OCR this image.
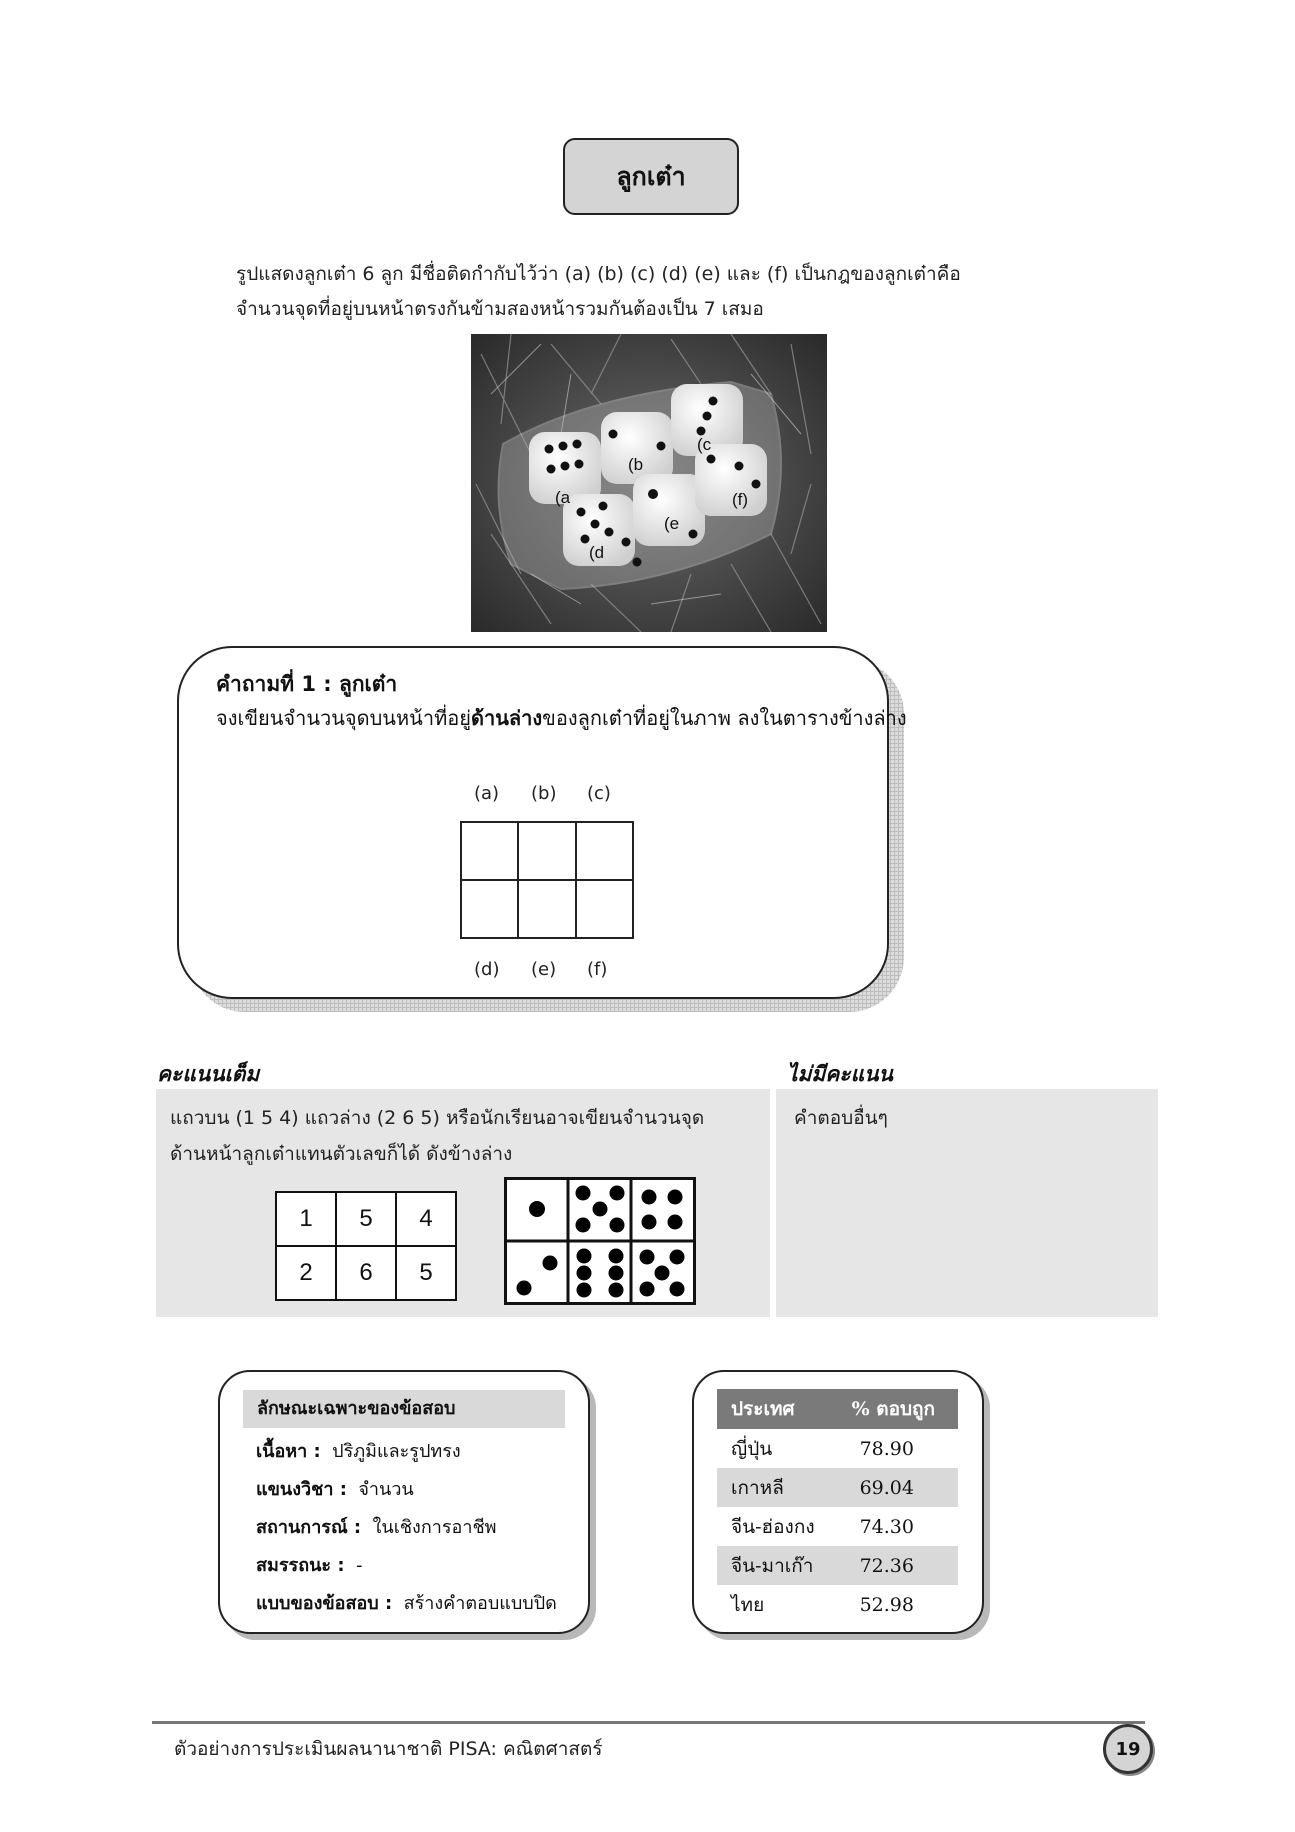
ลูกเต๋า
รูปแสดงลูกเต๋า 6 ลูก มีชื่อติดกำกับไว้ว่า (a) (b) (c) (d) (e) และ (f) เป็นกฎของลูกเต๋าคือ
จำนวนจุดที่อยู่บนหน้าตรงกันข้ามสองหน้ารวมกันต้องเป็น 7 เสมอ
(a
(b
(c
(d
(e
(f)
คำถามที่ 1 : ลูกเต๋า
จงเขียนจำนวนจุดบนหน้าที่อยู่ด้านล่างของลูกเต๋าที่อยู่ในภาพ ลงในตารางข้างล่าง
(a) (b) (c)

(d) (e) (f)
คะแนนเต็ม	ไม่มีคะแนน
แถวบน (1 5 4) แถวล่าง (2 6 5) หรือนักเรียนอาจเขียนจำนวนจุด
ด้านหน้าลูกเต๋าแทนตัวเลขก็ได้ ดังข้างล่าง
คำตอบอื่นๆ
1	5	4
2	6	5
ลักษณะเฉพาะของข้อสอบ
เนื้อหา : ปริภูมิและรูปทรง
แขนงวิชา : จำนวน
สถานการณ์ : ในเชิงการอาชีพ
สมรรถนะ : -
แบบของข้อสอบ : สร้างคำตอบแบบปิด
ประเทศ	% ตอบถูก
ญี่ปุ่น	78.90
เกาหลี	69.04
จีน-ฮ่องกง	74.30
จีน-มาเก๊า	72.36
ไทย	52.98
ตัวอย่างการประเมินผลนานาชาติ PISA: คณิตศาสตร์	19
